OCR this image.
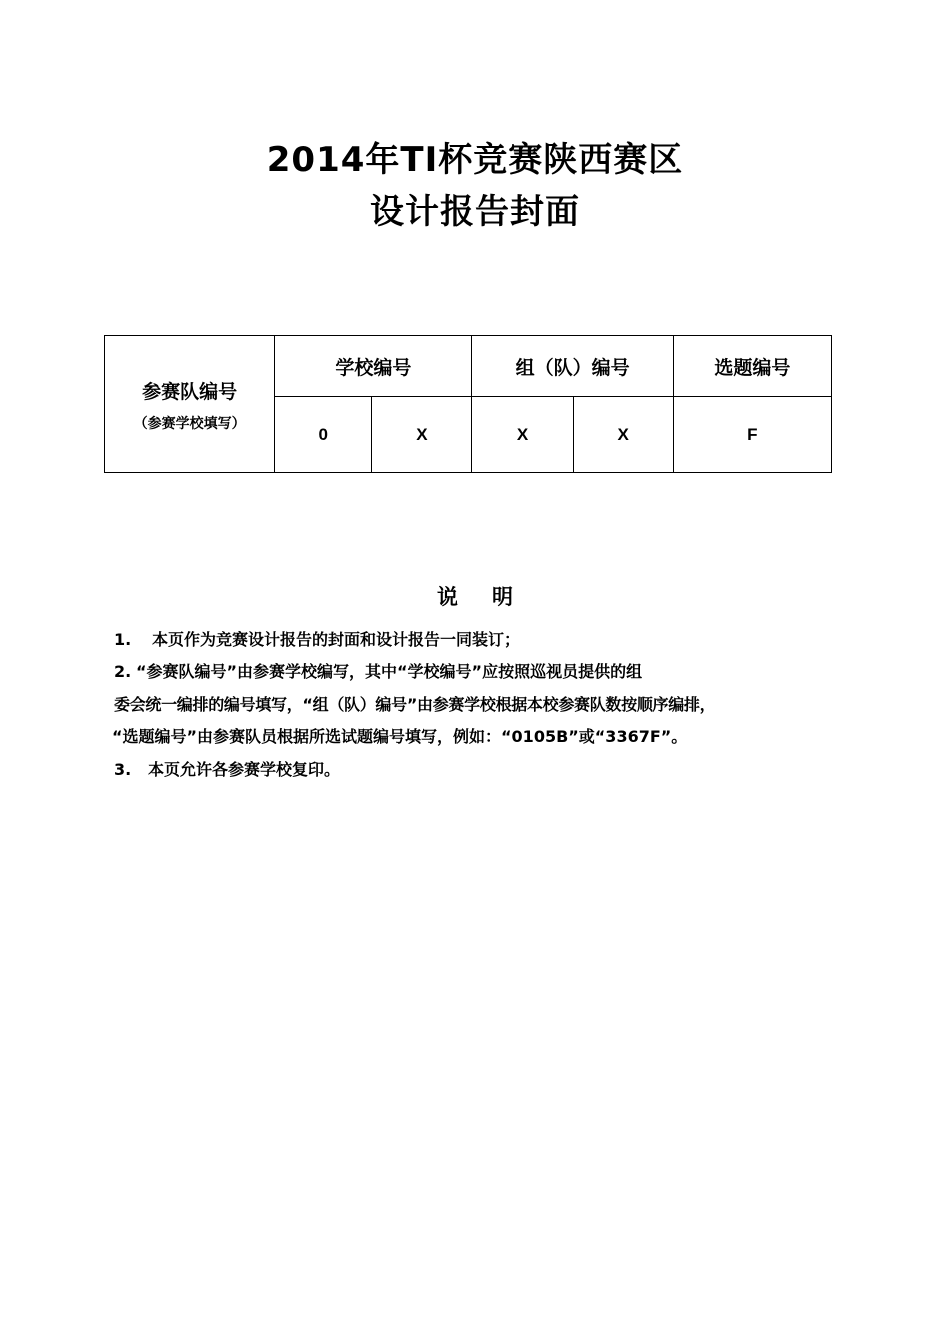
2014年TI杯竞赛陕西赛区
设计报告封面
参赛队编号
（参赛学校填写）	学校编号		组（队）编号		选题编号
	0	X	X	X	F
说明
1. 本页作为竞赛设计报告的封面和设计报告一同装订；
2. “参赛队编号”由参赛学校编写，其中“学校编号”应按照巡视员提供的组
委会统一编排的编号填写，“组（队）编号”由参赛学校根据本校参赛队数按顺序编排，
“选题编号”由参赛队员根据所选试题编号填写，例如：“0105B”或“3367F”。
3. 本页允许各参赛学校复印。
